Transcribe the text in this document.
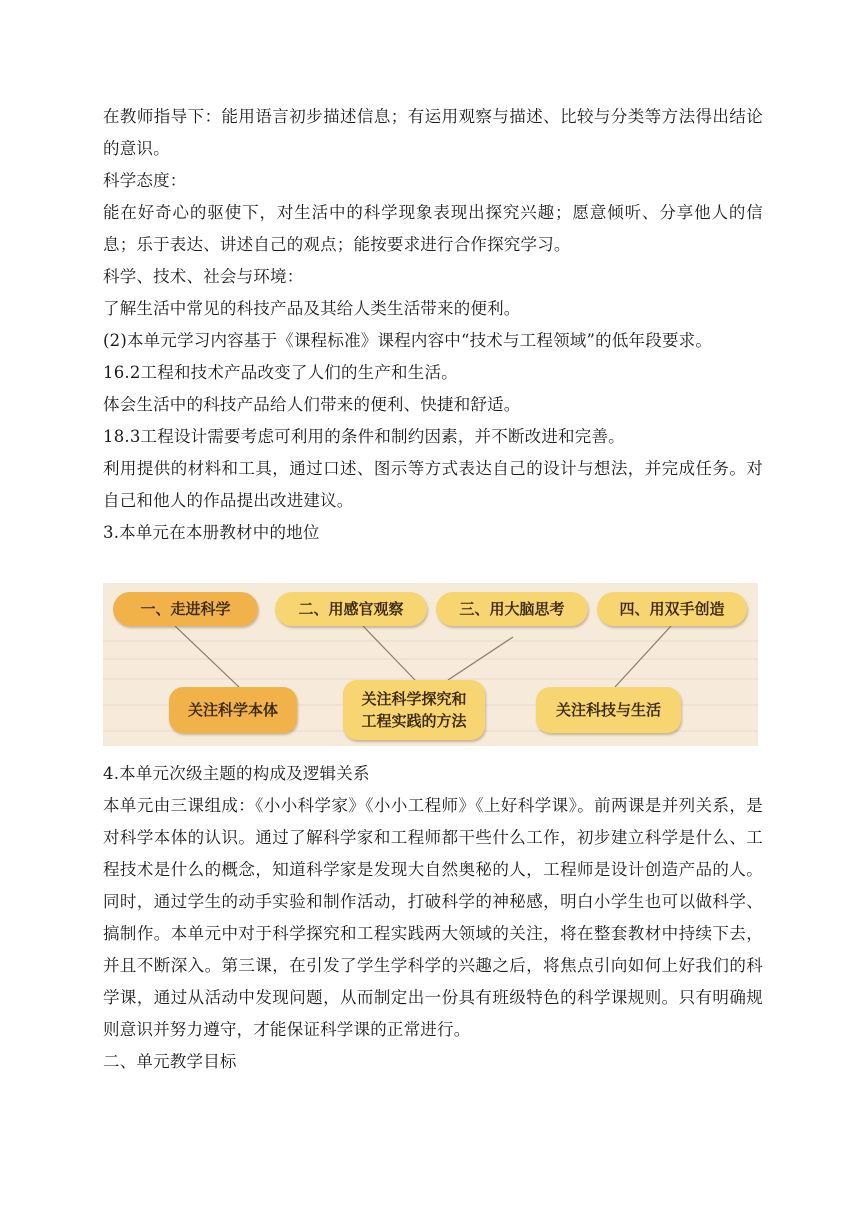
在教师指导下：能用语言初步描述信息；有运用观察与描述、比较与分类等方法得出结论的意识。

科学态度：

能在好奇心的驱使下，对生活中的科学现象表现出探究兴趣；愿意倾听、分享他人的信息；乐于表达、讲述自己的观点；能按要求进行合作探究学习。

科学、技术、社会与环境：

了解生活中常见的科技产品及其给人类生活带来的便利。

(2)本单元学习内容基于《课程标准》课程内容中“技术与工程领域”的低年段要求。

16.2工程和技术产品改变了人们的生产和生活。

体会生活中的科技产品给人们带来的便利、快捷和舒适。

18.3工程设计需要考虑可利用的条件和制约因素，并不断改进和完善。

利用提供的材料和工具，通过口述、图示等方式表达自己的设计与想法，并完成任务。对自己和他人的作品提出改进建议。

3.本单元在本册教材中的地位

一、走进科学	二、用感官观察	三、用大脑思考	四、用双手创造
关注科学本体
关注科学探究和
工程实践的方法
关注科技与生活

4.本单元次级主题的构成及逻辑关系

本单元由三课组成：《小小科学家》《小小工程师》《上好科学课》。前两课是并列关系，是对科学本体的认识。通过了解科学家和工程师都干些什么工作，初步建立科学是什么、工程技术是什么的概念，知道科学家是发现大自然奥秘的人，工程师是设计创造产品的人。同时，通过学生的动手实验和制作活动，打破科学的神秘感，明白小学生也可以做科学、搞制作。本单元中对于科学探究和工程实践两大领域的关注，将在整套教材中持续下去，并且不断深入。第三课，在引发了学生学科学的兴趣之后，将焦点引向如何上好我们的科学课，通过从活动中发现问题，从而制定出一份具有班级特色的科学课规则。只有明确规则意识并努力遵守，才能保证科学课的正常进行。

二、单元教学目标
